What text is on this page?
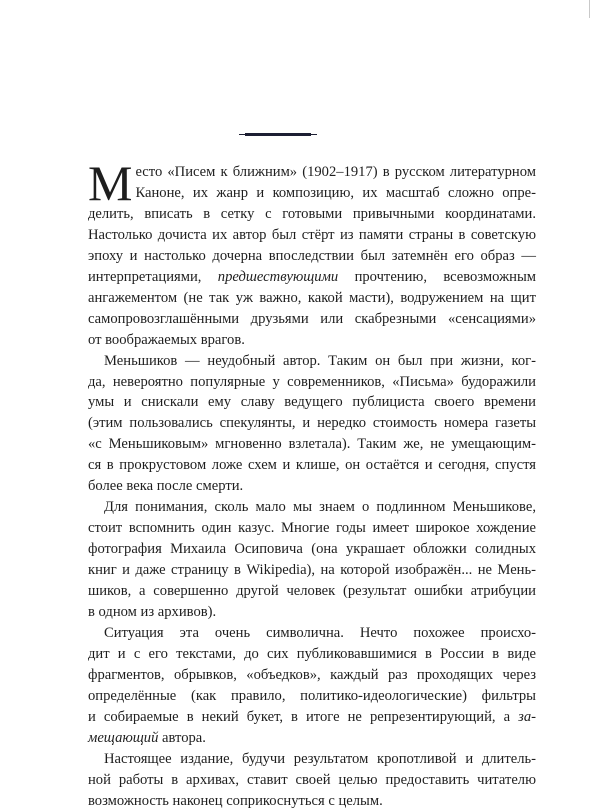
М есто «Писем к ближним» (1902–1917) в русском литературном
Каноне, их жанр и композицию, их масштаб сложно опре-
делить, вписать в сетку с готовыми привычными координатами.
Настолько дочиста их автор был стёрт из памяти страны в советскую
эпоху и настолько дочерна впоследствии был затемнён его образ —
интерпретациями, предшествующими прочтению, всевозможным
ангажементом (не так уж важно, какой масти), водружением на щит
самопровозглашёнными друзьями или скабрезными «сенсациями»
от воображаемых врагов.

Меньшиков — неудобный автор. Таким он был при жизни, ког-
да, невероятно популярные у современников, «Письма» будоражили
умы и снискали ему славу ведущего публициста своего времени
(этим пользовались спекулянты, и нередко стоимость номера газеты
«с Меньшиковым» мгновенно взлетала). Таким же, не умещающим-
ся в прокрустовом ложе схем и клише, он остаётся и сегодня, спустя
более века после смерти.

Для понимания, сколь мало мы знаем о подлинном Меньшикове,
стоит вспомнить один казус. Многие годы имеет широкое хождение
фотография Михаила Осиповича (она украшает обложки солидных
книг и даже страницу в Wikipedia), на которой изображён... не Мень-
шиков, а совершенно другой человек (результат ошибки атрибуции
в одном из архивов).

Ситуация эта очень символична. Нечто похожее происхо-
дит и с его текстами, до сих публиковавшимися в России в виде
фрагментов, обрывков, «объедков», каждый раз проходящих через
определённые (как правило, политико-идеологические) фильтры
и собираемые в некий букет, в итоге не репрезентирующий, а за-
мещающий автора.

Настоящее издание, будучи результатом кропотливой и длитель-
ной работы в архивах, ставит своей целью предоставить читателю
возможность наконец соприкоснуться с целым.
